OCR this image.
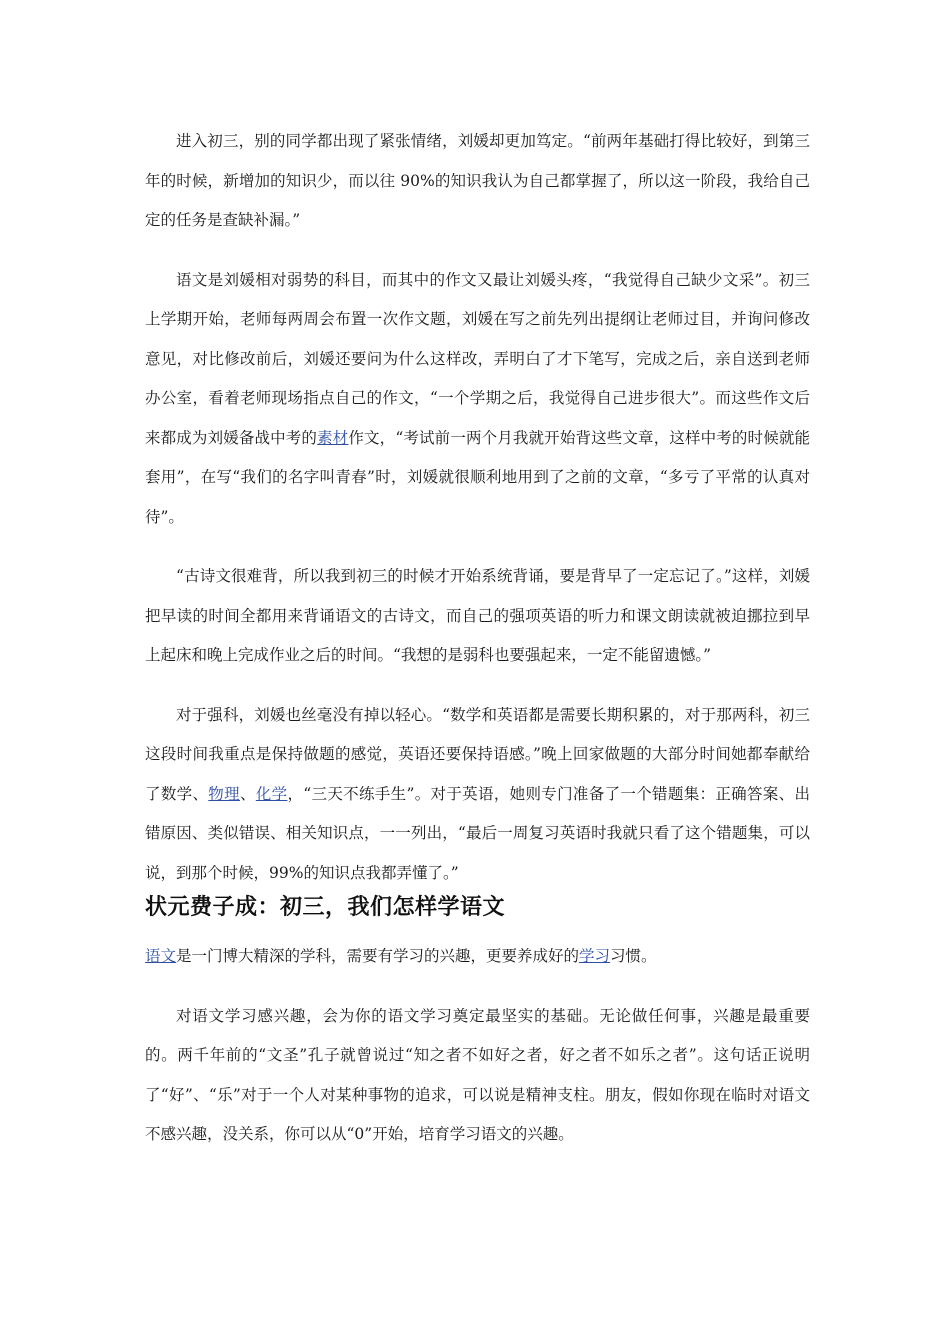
进入初三，别的同学都出现了紧张情绪，刘媛却更加笃定。“前两年基础打得比较好，到第三年的时候，新增加的知识少，而以往 90%的知识我认为自己都掌握了，所以这一阶段，我给自己定的任务是查缺补漏。”

语文是刘媛相对弱势的科目，而其中的作文又最让刘媛头疼，“我觉得自己缺少文采”。初三上学期开始，老师每两周会布置一次作文题，刘媛在写之前先列出提纲让老师过目，并询问修改意见，对比修改前后，刘媛还要问为什么这样改，弄明白了才下笔写，完成之后，亲自送到老师办公室，看着老师现场指点自己的作文，“一个学期之后，我觉得自己进步很大”。而这些作文后来都成为刘媛备战中考的素材作文，“考试前一两个月我就开始背这些文章，这样中考的时候就能套用”，在写“我们的名字叫青春”时，刘媛就很顺利地用到了之前的文章，“多亏了平常的认真对待”。

“古诗文很难背，所以我到初三的时候才开始系统背诵，要是背早了一定忘记了。”这样，刘媛把早读的时间全都用来背诵语文的古诗文，而自己的强项英语的听力和课文朗读就被迫挪拉到早上起床和晚上完成作业之后的时间。“我想的是弱科也要强起来，一定不能留遗憾。”

对于强科，刘媛也丝毫没有掉以轻心。“数学和英语都是需要长期积累的，对于那两科，初三这段时间我重点是保持做题的感觉，英语还要保持语感。”晚上回家做题的大部分时间她都奉献给了数学、物理、化学，“三天不练手生”。对于英语，她则专门准备了一个错题集：正确答案、出错原因、类似错误、相关知识点，一一列出，“最后一周复习英语时我就只看了这个错题集，可以说，到那个时候，99%的知识点我都弄懂了。”

状元费子成：初三，我们怎样学语文

语文是一门博大精深的学科，需要有学习的兴趣，更要养成好的学习习惯。

对语文学习感兴趣，会为你的语文学习奠定最坚实的基础。无论做任何事，兴趣是最重要的。两千年前的“文圣”孔子就曾说过“知之者不如好之者，好之者不如乐之者”。这句话正说明了“好”、“乐”对于一个人对某种事物的追求，可以说是精神支柱。朋友，假如你现在临时对语文不感兴趣，没关系，你可以从“0”开始，培育学习语文的兴趣。
